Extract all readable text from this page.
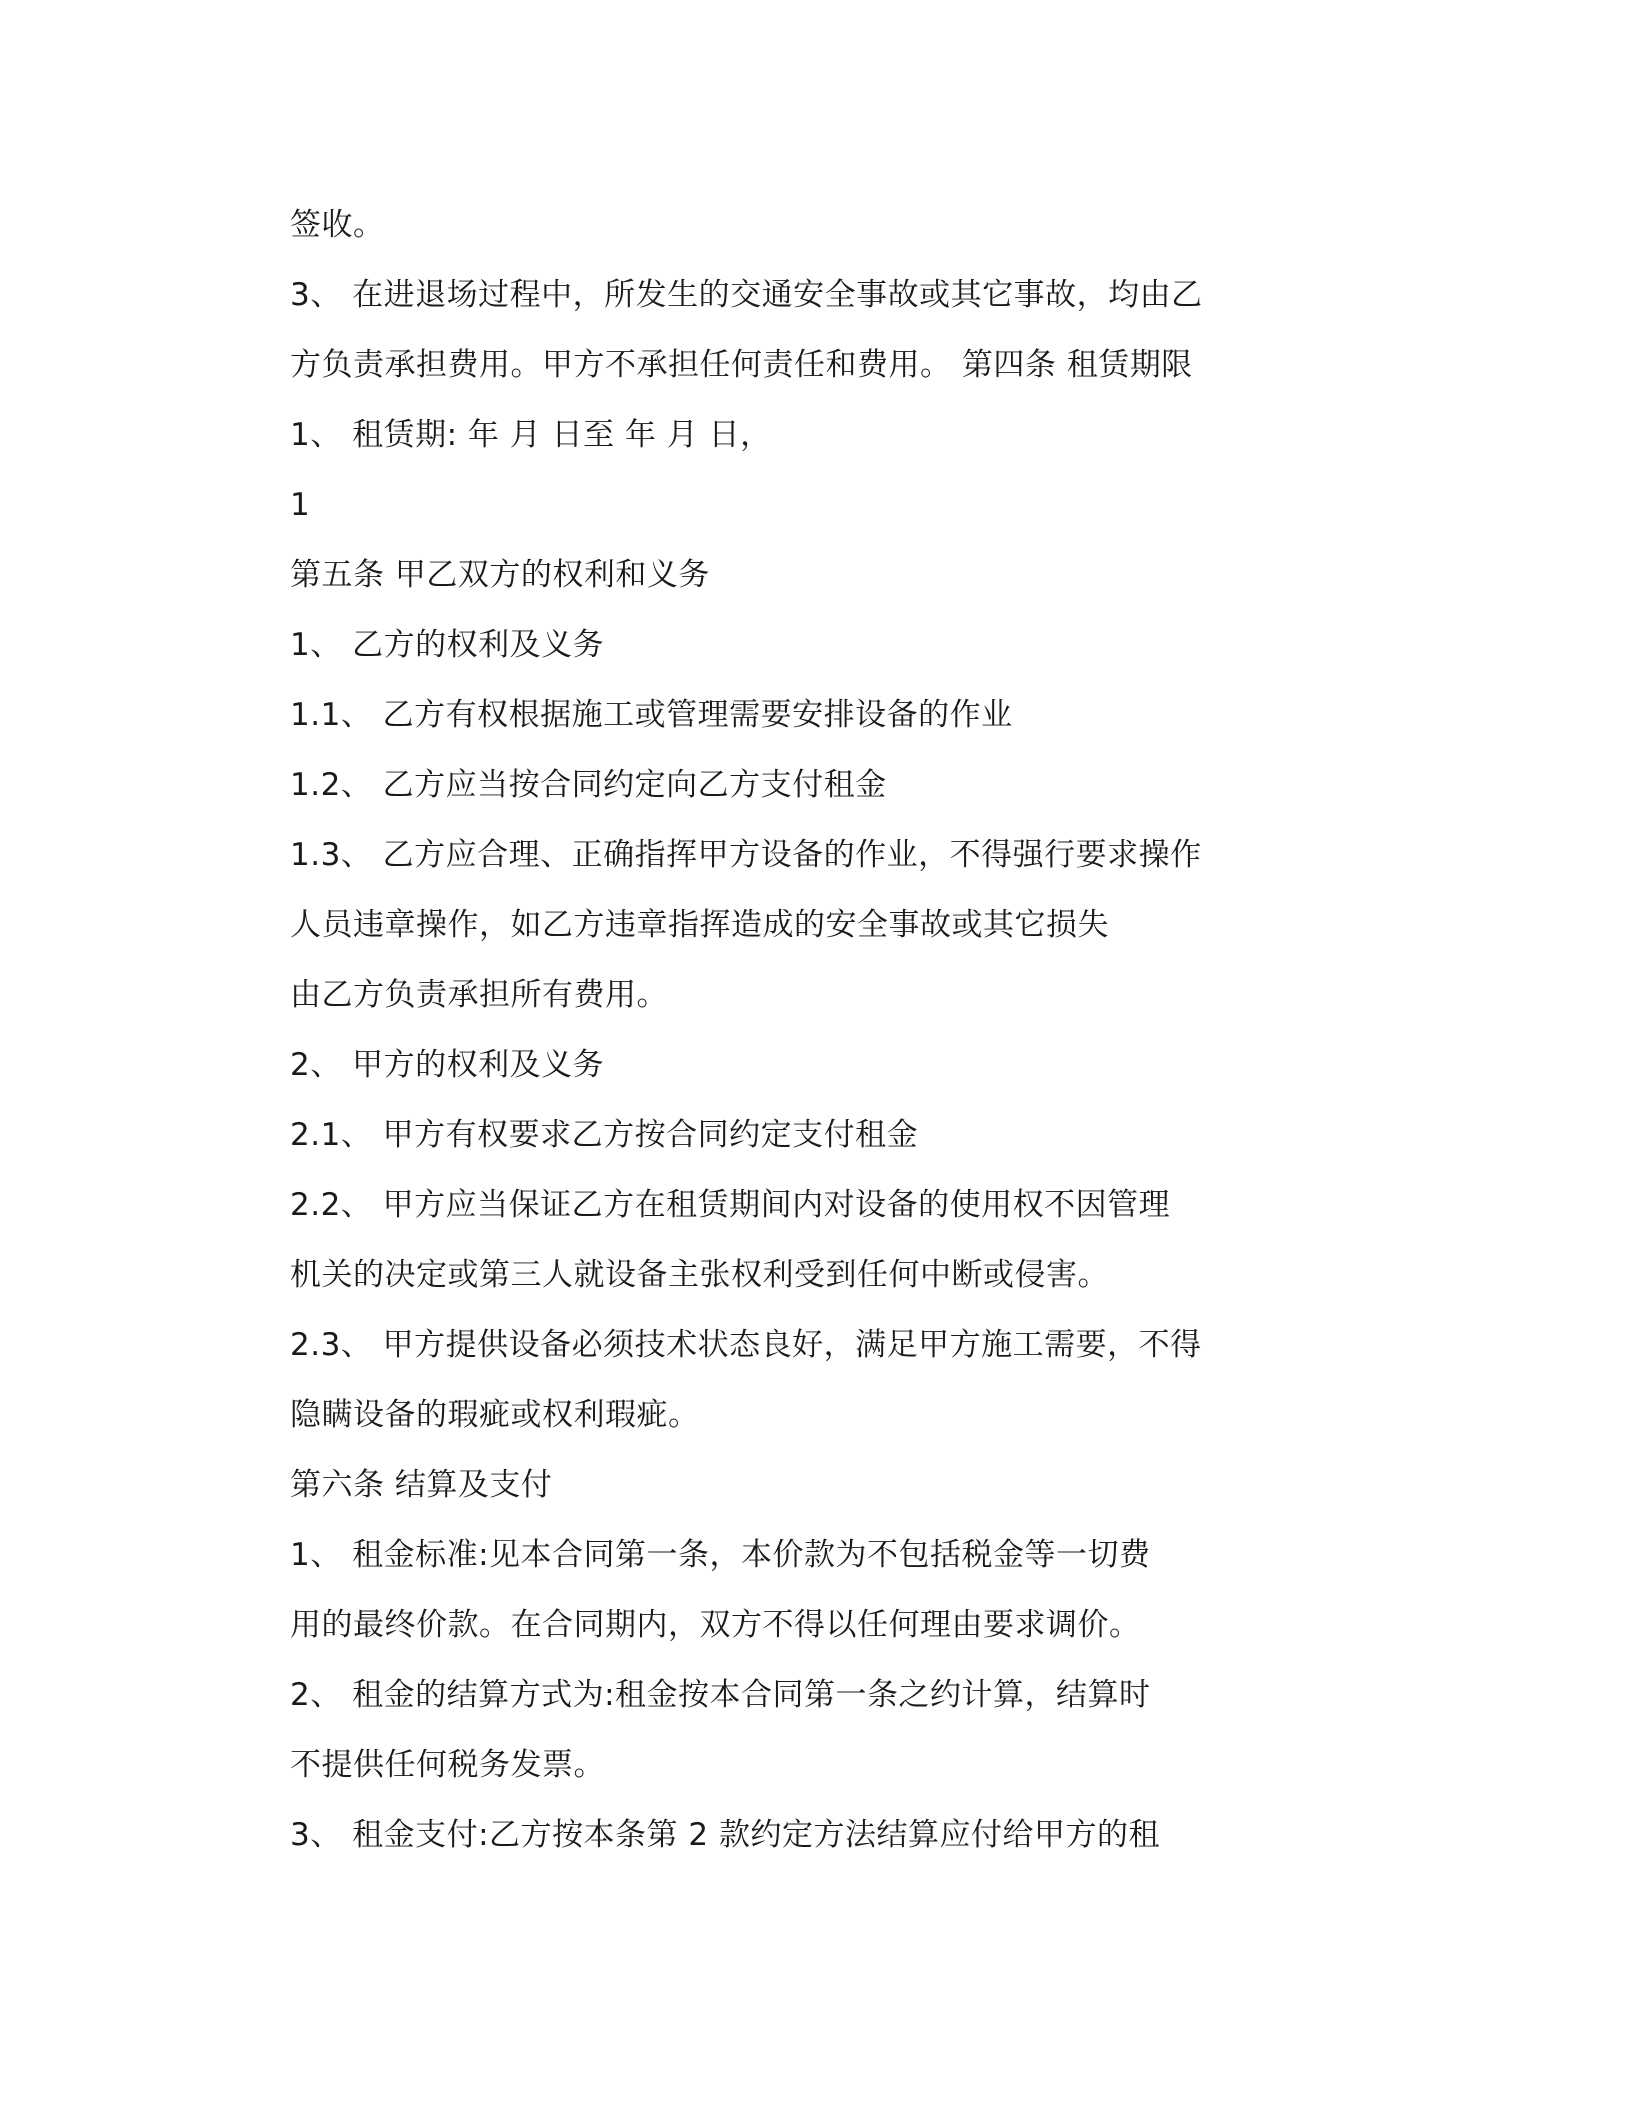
签收。
3、 在进退场过程中，所发生的交通安全事故或其它事故，均由乙
方负责承担费用。甲方不承担任何责任和费用。 第四条 租赁期限
1、 租赁期: 年 月 日至 年 月 日，
1
第五条 甲乙双方的权利和义务
1、 乙方的权利及义务
1.1、 乙方有权根据施工或管理需要安排设备的作业
1.2、 乙方应当按合同约定向乙方支付租金
1.3、 乙方应合理、正确指挥甲方设备的作业，不得强行要求操作
人员违章操作，如乙方违章指挥造成的安全事故或其它损失
由乙方负责承担所有费用。
2、 甲方的权利及义务
2.1、 甲方有权要求乙方按合同约定支付租金
2.2、 甲方应当保证乙方在租赁期间内对设备的使用权不因管理
机关的决定或第三人就设备主张权利受到任何中断或侵害。
2.3、 甲方提供设备必须技术状态良好，满足甲方施工需要，不得
隐瞒设备的瑕疵或权利瑕疵。
第六条 结算及支付
1、 租金标准:见本合同第一条，本价款为不包括税金等一切费
用的最终价款。在合同期内，双方不得以任何理由要求调价。
2、 租金的结算方式为:租金按本合同第一条之约计算，结算时
不提供任何税务发票。
3、 租金支付:乙方按本条第 2 款约定方法结算应付给甲方的租
